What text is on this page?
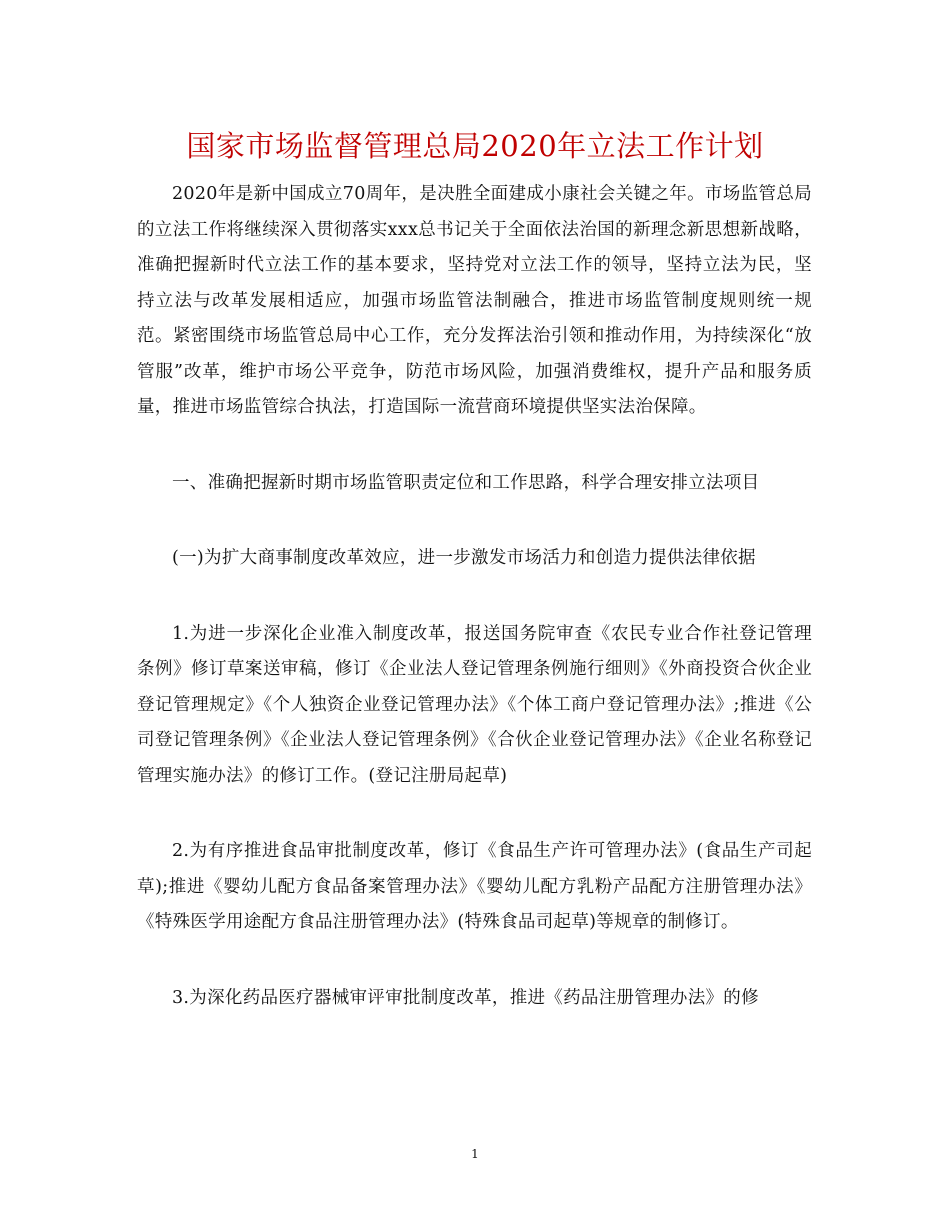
国家市场监督管理总局2020年立法工作计划

2020年是新中国成立70周年，是决胜全面建成小康社会关键之年。市场监管总局的立法工作将继续深入贯彻落实xxx总书记关于全面依法治国的新理念新思想新战略，准确把握新时代立法工作的基本要求，坚持党对立法工作的领导，坚持立法为民，坚持立法与改革发展相适应，加强市场监管法制融合，推进市场监管制度规则统一规范。紧密围绕市场监管总局中心工作，充分发挥法治引领和推动作用，为持续深化“放管服”改革，维护市场公平竞争，防范市场风险，加强消费维权，提升产品和服务质量，推进市场监管综合执法，打造国际一流营商环境提供坚实法治保障。

一、准确把握新时期市场监管职责定位和工作思路，科学合理安排立法项目

(一)为扩大商事制度改革效应，进一步激发市场活力和创造力提供法律依据

1.为进一步深化企业准入制度改革，报送国务院审查《农民专业合作社登记管理条例》修订草案送审稿，修订《企业法人登记管理条例施行细则》《外商投资合伙企业登记管理规定》《个人独资企业登记管理办法》《个体工商户登记管理办法》;推进《公司登记管理条例》《企业法人登记管理条例》《合伙企业登记管理办法》《企业名称登记管理实施办法》的修订工作。(登记注册局起草)

2.为有序推进食品审批制度改革，修订《食品生产许可管理办法》(食品生产司起草);推进《婴幼儿配方食品备案管理办法》《婴幼儿配方乳粉产品配方注册管理办法》《特殊医学用途配方食品注册管理办法》(特殊食品司起草)等规章的制修订。

3.为深化药品医疗器械审评审批制度改革，推进《药品注册管理办法》的修

1
